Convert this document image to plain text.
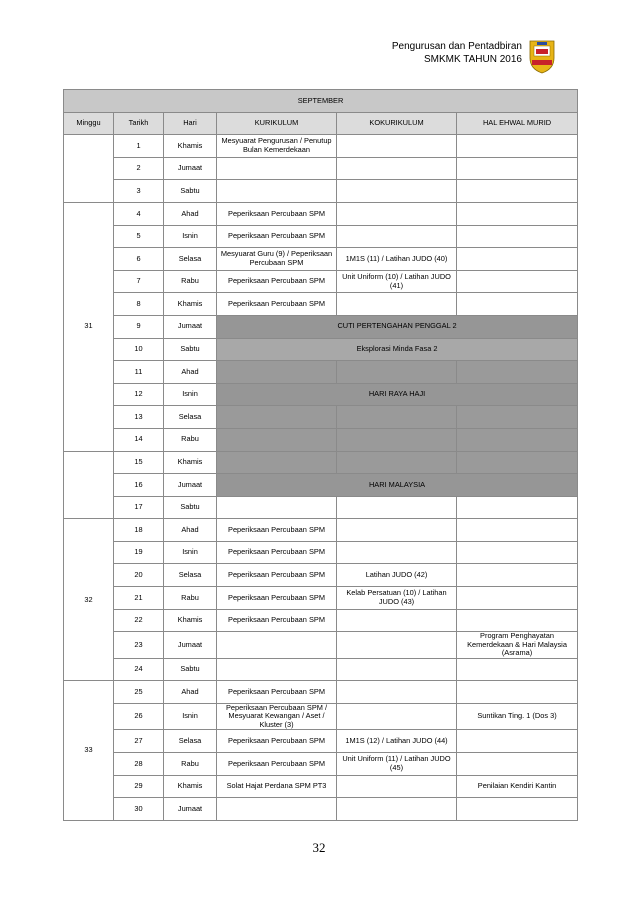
Pengurusan dan Pentadbiran
SMKMK TAHUN 2016
SEPTEMBER					
Minggu	Tarikh	Hari	KURIKULUM	KOKURIKULUM	HAL EHWAL MURID
	1	Khamis	Mesyuarat Pengurusan / Penutup Bulan Kemerdekaan		
	2	Jumaat			
	3	Sabtu			
31	4	Ahad	Peperiksaan Percubaan SPM		
	5	Isnin	Peperiksaan Percubaan SPM		
	6	Selasa	Mesyuarat Guru (9) / Peperiksaan Percubaan SPM	1M1S (11) / Latihan JUDO (40)	
	7	Rabu	Peperiksaan Percubaan SPM	Unit Uniform (10) / Latihan JUDO (41)	
	8	Khamis	Peperiksaan Percubaan SPM		
	9	Jumaat	CUTI PERTENGAHAN PENGGAL 2		
	10	Sabtu	Eksplorasi Minda Fasa 2		
	11	Ahad			
	12	Isnin	HARI RAYA HAJI		
	13	Selasa			
	14	Rabu			
	15	Khamis			
	16	Jumaat	HARI MALAYSIA		
	17	Sabtu			
32	18	Ahad	Peperiksaan Percubaan SPM		
	19	Isnin	Peperiksaan Percubaan SPM		
	20	Selasa	Peperiksaan Percubaan SPM	Latihan JUDO (42)	
	21	Rabu	Peperiksaan Percubaan SPM	Kelab Persatuan (10) / Latihan JUDO (43)	
	22	Khamis	Peperiksaan Percubaan SPM		
	23	Jumaat			Program Penghayatan Kemerdekaan & Hari Malaysia (Asrama)
	24	Sabtu			
33	25	Ahad	Peperiksaan Percubaan SPM		
	26	Isnin	Peperiksaan Percubaan SPM / Mesyuarat Kewangan / Aset / Kluster (3)		Suntikan Ting. 1 (Dos 3)
	27	Selasa	Peperiksaan Percubaan SPM	1M1S (12) / Latihan JUDO (44)	
	28	Rabu	Peperiksaan Percubaan SPM	Unit Uniform (11) / Latihan JUDO (45)	
	29	Khamis	Solat Hajat Perdana SPM PT3		Penilaian Kendiri Kantin
	30	Jumaat			
32
